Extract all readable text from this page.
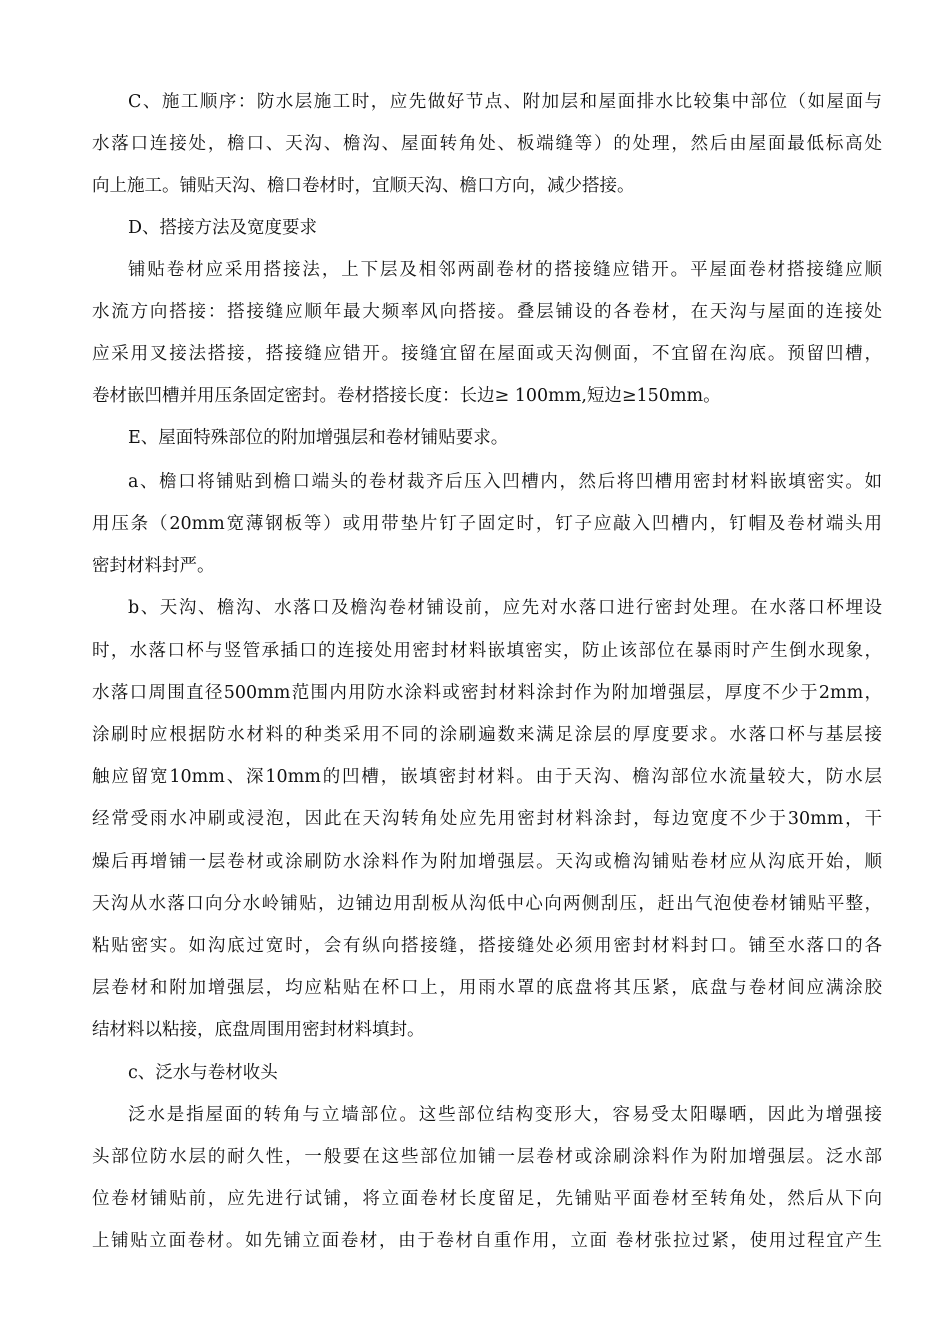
C、施工顺序：防水层施工时，应先做好节点、附加层和屋面排水比较集中部位（如屋面与
水落口连接处，檐口、天沟、檐沟、屋面转角处、板端缝等）的处理，然后由屋面最低标高处
向上施工。铺贴天沟、檐口卷材时，宜顺天沟、檐口方向，减少搭接。
D、搭接方法及宽度要求
铺贴卷材应采用搭接法，上下层及相邻两副卷材的搭接缝应错开。平屋面卷材搭接缝应顺
水流方向搭接：搭接缝应顺年最大频率风向搭接。叠层铺设的各卷材，在天沟与屋面的连接处
应采用叉接法搭接，搭接缝应错开。接缝宜留在屋面或天沟侧面，不宜留在沟底。预留凹槽，
卷材嵌凹槽并用压条固定密封。卷材搭接长度：长边≥ 100mm,短边≥150mm。
E、屋面特殊部位的附加增强层和卷材铺贴要求。
a、檐口将铺贴到檐口端头的卷材裁齐后压入凹槽内，然后将凹槽用密封材料嵌填密实。如
用压条（20mm宽薄钢板等）或用带垫片钉子固定时，钉子应敲入凹槽内，钉帽及卷材端头用
密封材料封严。
b、天沟、檐沟、水落口及檐沟卷材铺设前，应先对水落口进行密封处理。在水落口杯埋设
时，水落口杯与竖管承插口的连接处用密封材料嵌填密实，防止该部位在暴雨时产生倒水现象，
水落口周围直径500mm范围内用防水涂料或密封材料涂封作为附加增强层，厚度不少于2mm，
涂刷时应根据防水材料的种类采用不同的涂刷遍数来满足涂层的厚度要求。水落口杯与基层接
触应留宽10mm、深10mm的凹槽，嵌填密封材料。由于天沟、檐沟部位水流量较大，防水层
经常受雨水冲刷或浸泡，因此在天沟转角处应先用密封材料涂封，每边宽度不少于30mm，干
燥后再增铺一层卷材或涂刷防水涂料作为附加增强层。天沟或檐沟铺贴卷材应从沟底开始，顺
天沟从水落口向分水岭铺贴，边铺边用刮板从沟低中心向两侧刮压，赶出气泡使卷材铺贴平整，
粘贴密实。如沟底过宽时，会有纵向搭接缝，搭接缝处必须用密封材料封口。铺至水落口的各
层卷材和附加增强层，均应粘贴在杯口上，用雨水罩的底盘将其压紧，底盘与卷材间应满涂胶
结材料以粘接，底盘周围用密封材料填封。
c、泛水与卷材收头
泛水是指屋面的转角与立墙部位。这些部位结构变形大，容易受太阳曝晒，因此为增强接
头部位防水层的耐久性，一般要在这些部位加铺一层卷材或涂刷涂料作为附加增强层。泛水部
位卷材铺贴前，应先进行试铺，将立面卷材长度留足，先铺贴平面卷材至转角处，然后从下向
上铺贴立面卷材。如先铺立面卷材，由于卷材自重作用，立面 卷材张拉过紧，使用过程宜产生
